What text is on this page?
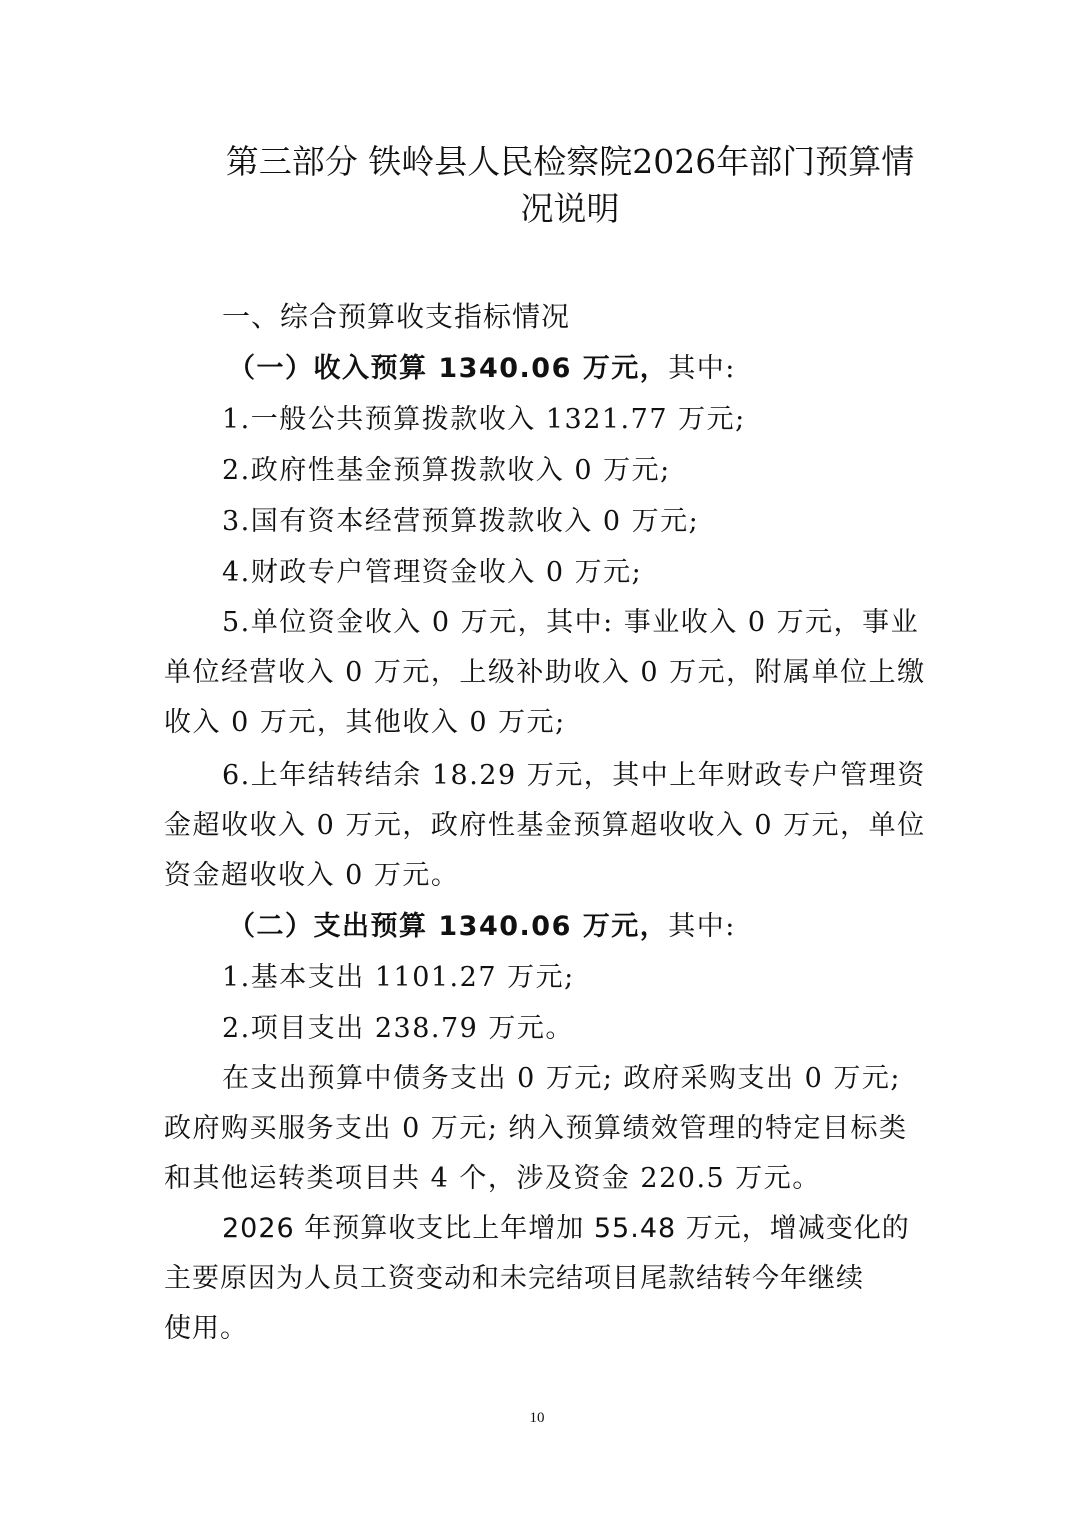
第三部分 铁岭县人民检察院2026年部门预算情
况说明

一、综合预算收支指标情况

（一）收入预算 1340.06 万元，其中:

1.一般公共预算拨款收入 1321.77 万元;

2.政府性基金预算拨款收入 0 万元;

3.国有资本经营预算拨款收入 0 万元;

4.财政专户管理资金收入 0 万元;

5.单位资金收入 0 万元，其中: 事业收入 0 万元，事业

单位经营收入 0 万元，上级补助收入 0 万元，附属单位上缴

收入 0 万元，其他收入 0 万元;

6.上年结转结余 18.29 万元，其中上年财政专户管理资

金超收收入 0 万元，政府性基金预算超收收入 0 万元，单位

资金超收收入 0 万元。

（二）支出预算 1340.06 万元，其中:

1.基本支出 1101.27 万元;

2.项目支出 238.79 万元。

在支出预算中债务支出 0 万元; 政府采购支出 0 万元;

政府购买服务支出 0 万元; 纳入预算绩效管理的特定目标类

和其他运转类项目共 4 个，涉及资金 220.5 万元。

2026 年预算收支比上年增加 55.48 万元，增减变化的

主要原因为人员工资变动和未完结项目尾款结转今年继续

使用。

10
